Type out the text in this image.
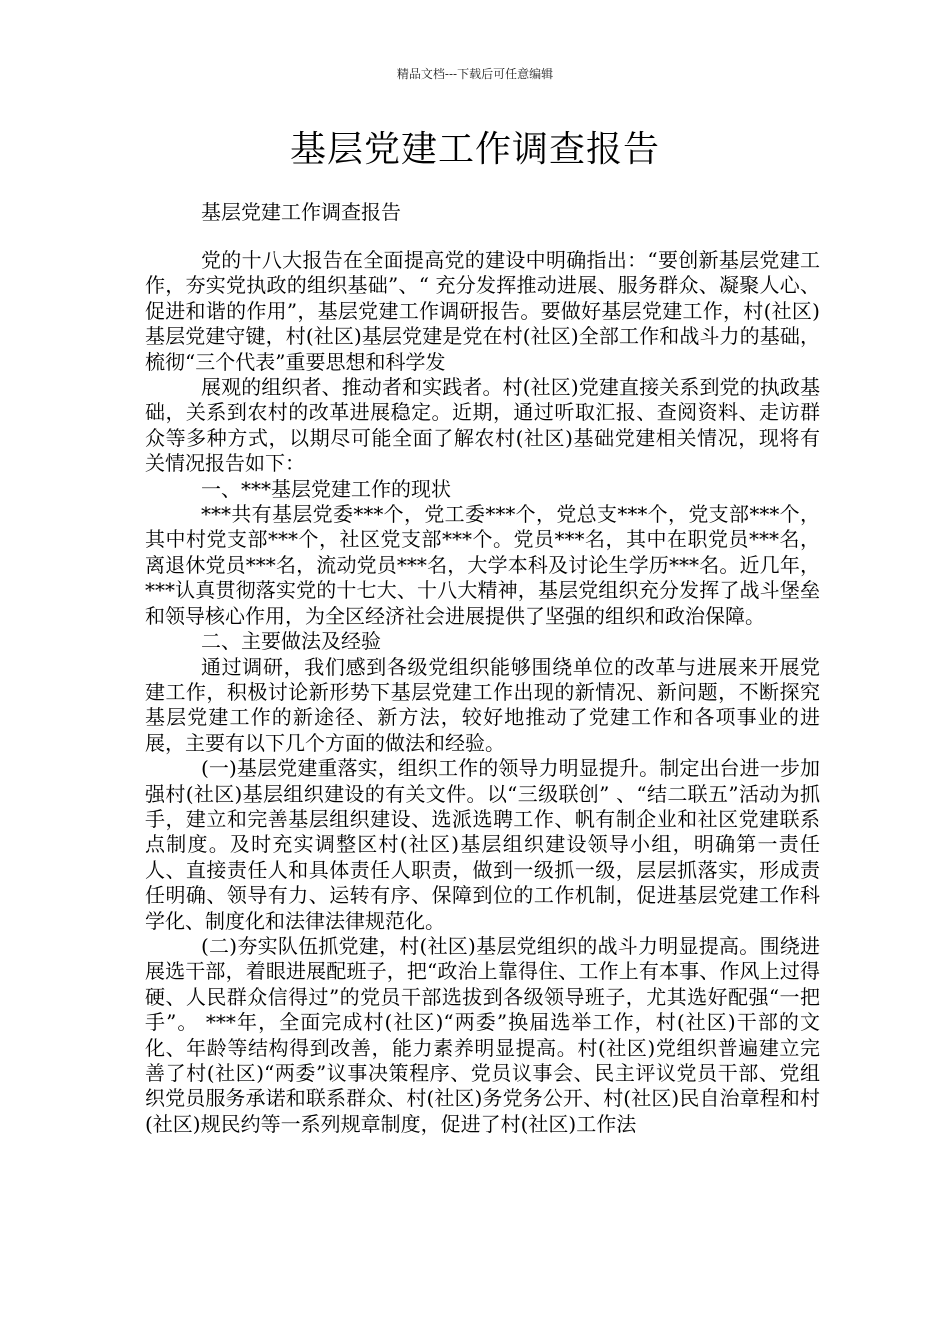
精品文档---下载后可任意编辑
基层党建工作调查报告

基层党建工作调查报告

党的十八大报告在全面提高党的建设中明确指出：“要创新基层党建工作，夯实党执政的组织基础”、“ 充分发挥推动进展、服务群众、凝聚人心、促进和谐的作用”，基层党建工作调研报告。要做好基层党建工作，村(社区)基层党建守键，村(社区)基层党建是党在村(社区)全部工作和战斗力的基础，梳彻“三个代表”重要思想和科学发

展观的组织者、推动者和实践者。村(社区)党建直接关系到党的执政基础，关系到农村的改革进展稳定。近期，通过听取汇报、查阅资料、走访群众等多种方式，以期尽可能全面了解农村(社区)基础党建相关情况，现将有关情况报告如下：

一、***基层党建工作的现状

***共有基层党委***个，党工委***个，党总支***个，党支部***个，其中村党支部***个，社区党支部***个。党员***名，其中在职党员***名，离退休党员***名，流动党员***名，大学本科及讨论生学历***名。近几年，***认真贯彻落实党的十七大、十八大精神，基层党组织充分发挥了战斗堡垒和领导核心作用，为全区经济社会进展提供了坚强的组织和政治保障。

二、主要做法及经验

通过调研，我们感到各级党组织能够围绕单位的改革与进展来开展党建工作，积极讨论新形势下基层党建工作出现的新情况、新问题，不断探究基层党建工作的新途径、新方法，较好地推动了党建工作和各项事业的进展，主要有以下几个方面的做法和经验。

(一)基层党建重落实，组织工作的领导力明显提升。制定出台进一步加强村(社区)基层组织建设的有关文件。以“三级联创” 、“结二联五”活动为抓手，建立和完善基层组织建设、选派选聘工作、帆有制企业和社区党建联系点制度。及时充实调整区村(社区)基层组织建设领导小组，明确第一责任人、直接责任人和具体责任人职责，做到一级抓一级，层层抓落实，形成责任明确、领导有力、运转有序、保障到位的工作机制，促进基层党建工作科学化、制度化和法律法律规范化。

(二)夯实队伍抓党建，村(社区)基层党组织的战斗力明显提高。围绕进展选干部，着眼进展配班子，把“政治上靠得住、工作上有本事、作风上过得硬、人民群众信得过”的党员干部选拔到各级领导班子，尤其选好配强“一把手”。 ***年，全面完成村(社区)“两委”换届选举工作，村(社区)干部的文化、年龄等结构得到改善，能力素养明显提高。村(社区)党组织普遍建立完善了村(社区)“两委”议事决策程序、党员议事会、民主评议党员干部、党组织党员服务承诺和联系群众、村(社区)务党务公开、村(社区)民自治章程和村(社区)规民约等一系列规章制度，促进了村(社区)工作法
